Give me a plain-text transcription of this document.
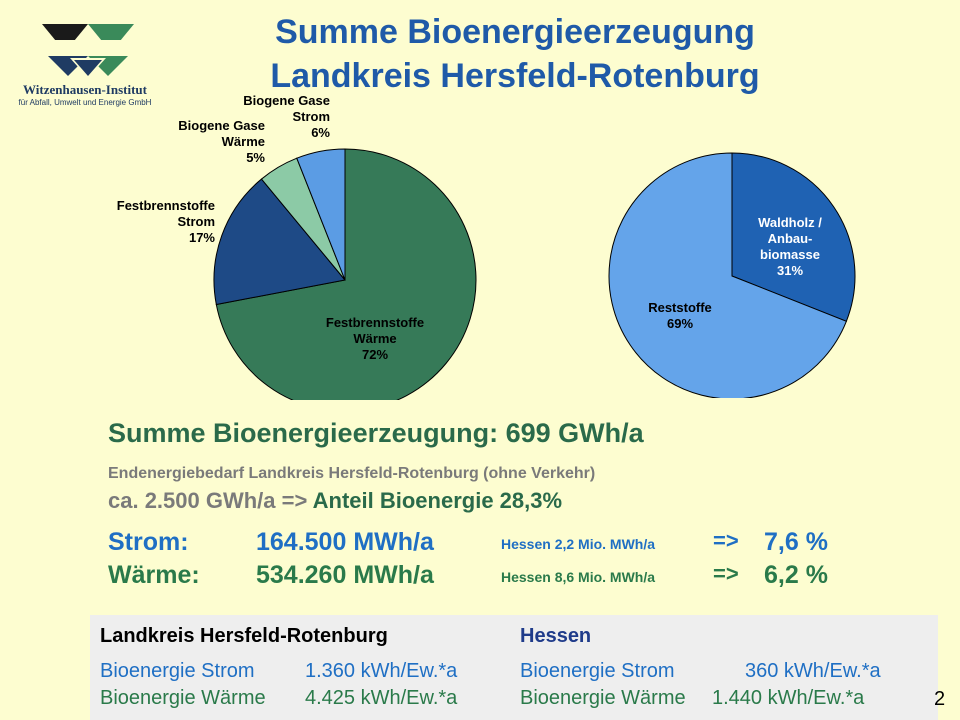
Witzenhausen-Institut
für Abfall, Umwelt und Energie GmbH
Summe Bioenergieerzeugung
Landkreis Hersfeld-Rotenburg
Festbrennstoffe
Wärme
72%
Festbrennstoffe
Strom
17%
Biogene Gase
Wärme
5%
Biogene Gase
Strom
6%
Waldholz /
Anbau-
biomasse
31%
Reststoffe
69%
Summe Bioenergieerzeugung: 699 GWh/a
Endenergiebedarf Landkreis Hersfeld-Rotenburg (ohne Verkehr)
ca. 2.500 GWh/a => Anteil Bioenergie 28,3%
Strom:	164.500 MWh/a	Hessen 2,2 Mio. MWh/a	=> 7,6 %
Wärme: 534.260 MWh/a	Hessen 8,6 Mio. MWh/a	=> 6,2 %
Landkreis Hersfeld-Rotenburg	Hessen
Bioenergie Strom	1.360 kWh/Ew.*a
Bioenergie Wärme 4.425 kWh/Ew.*a
Bioenergie Strom	360 kWh/Ew.*a
Bioenergie Wärme 1.440 kWh/Ew.*a	2
